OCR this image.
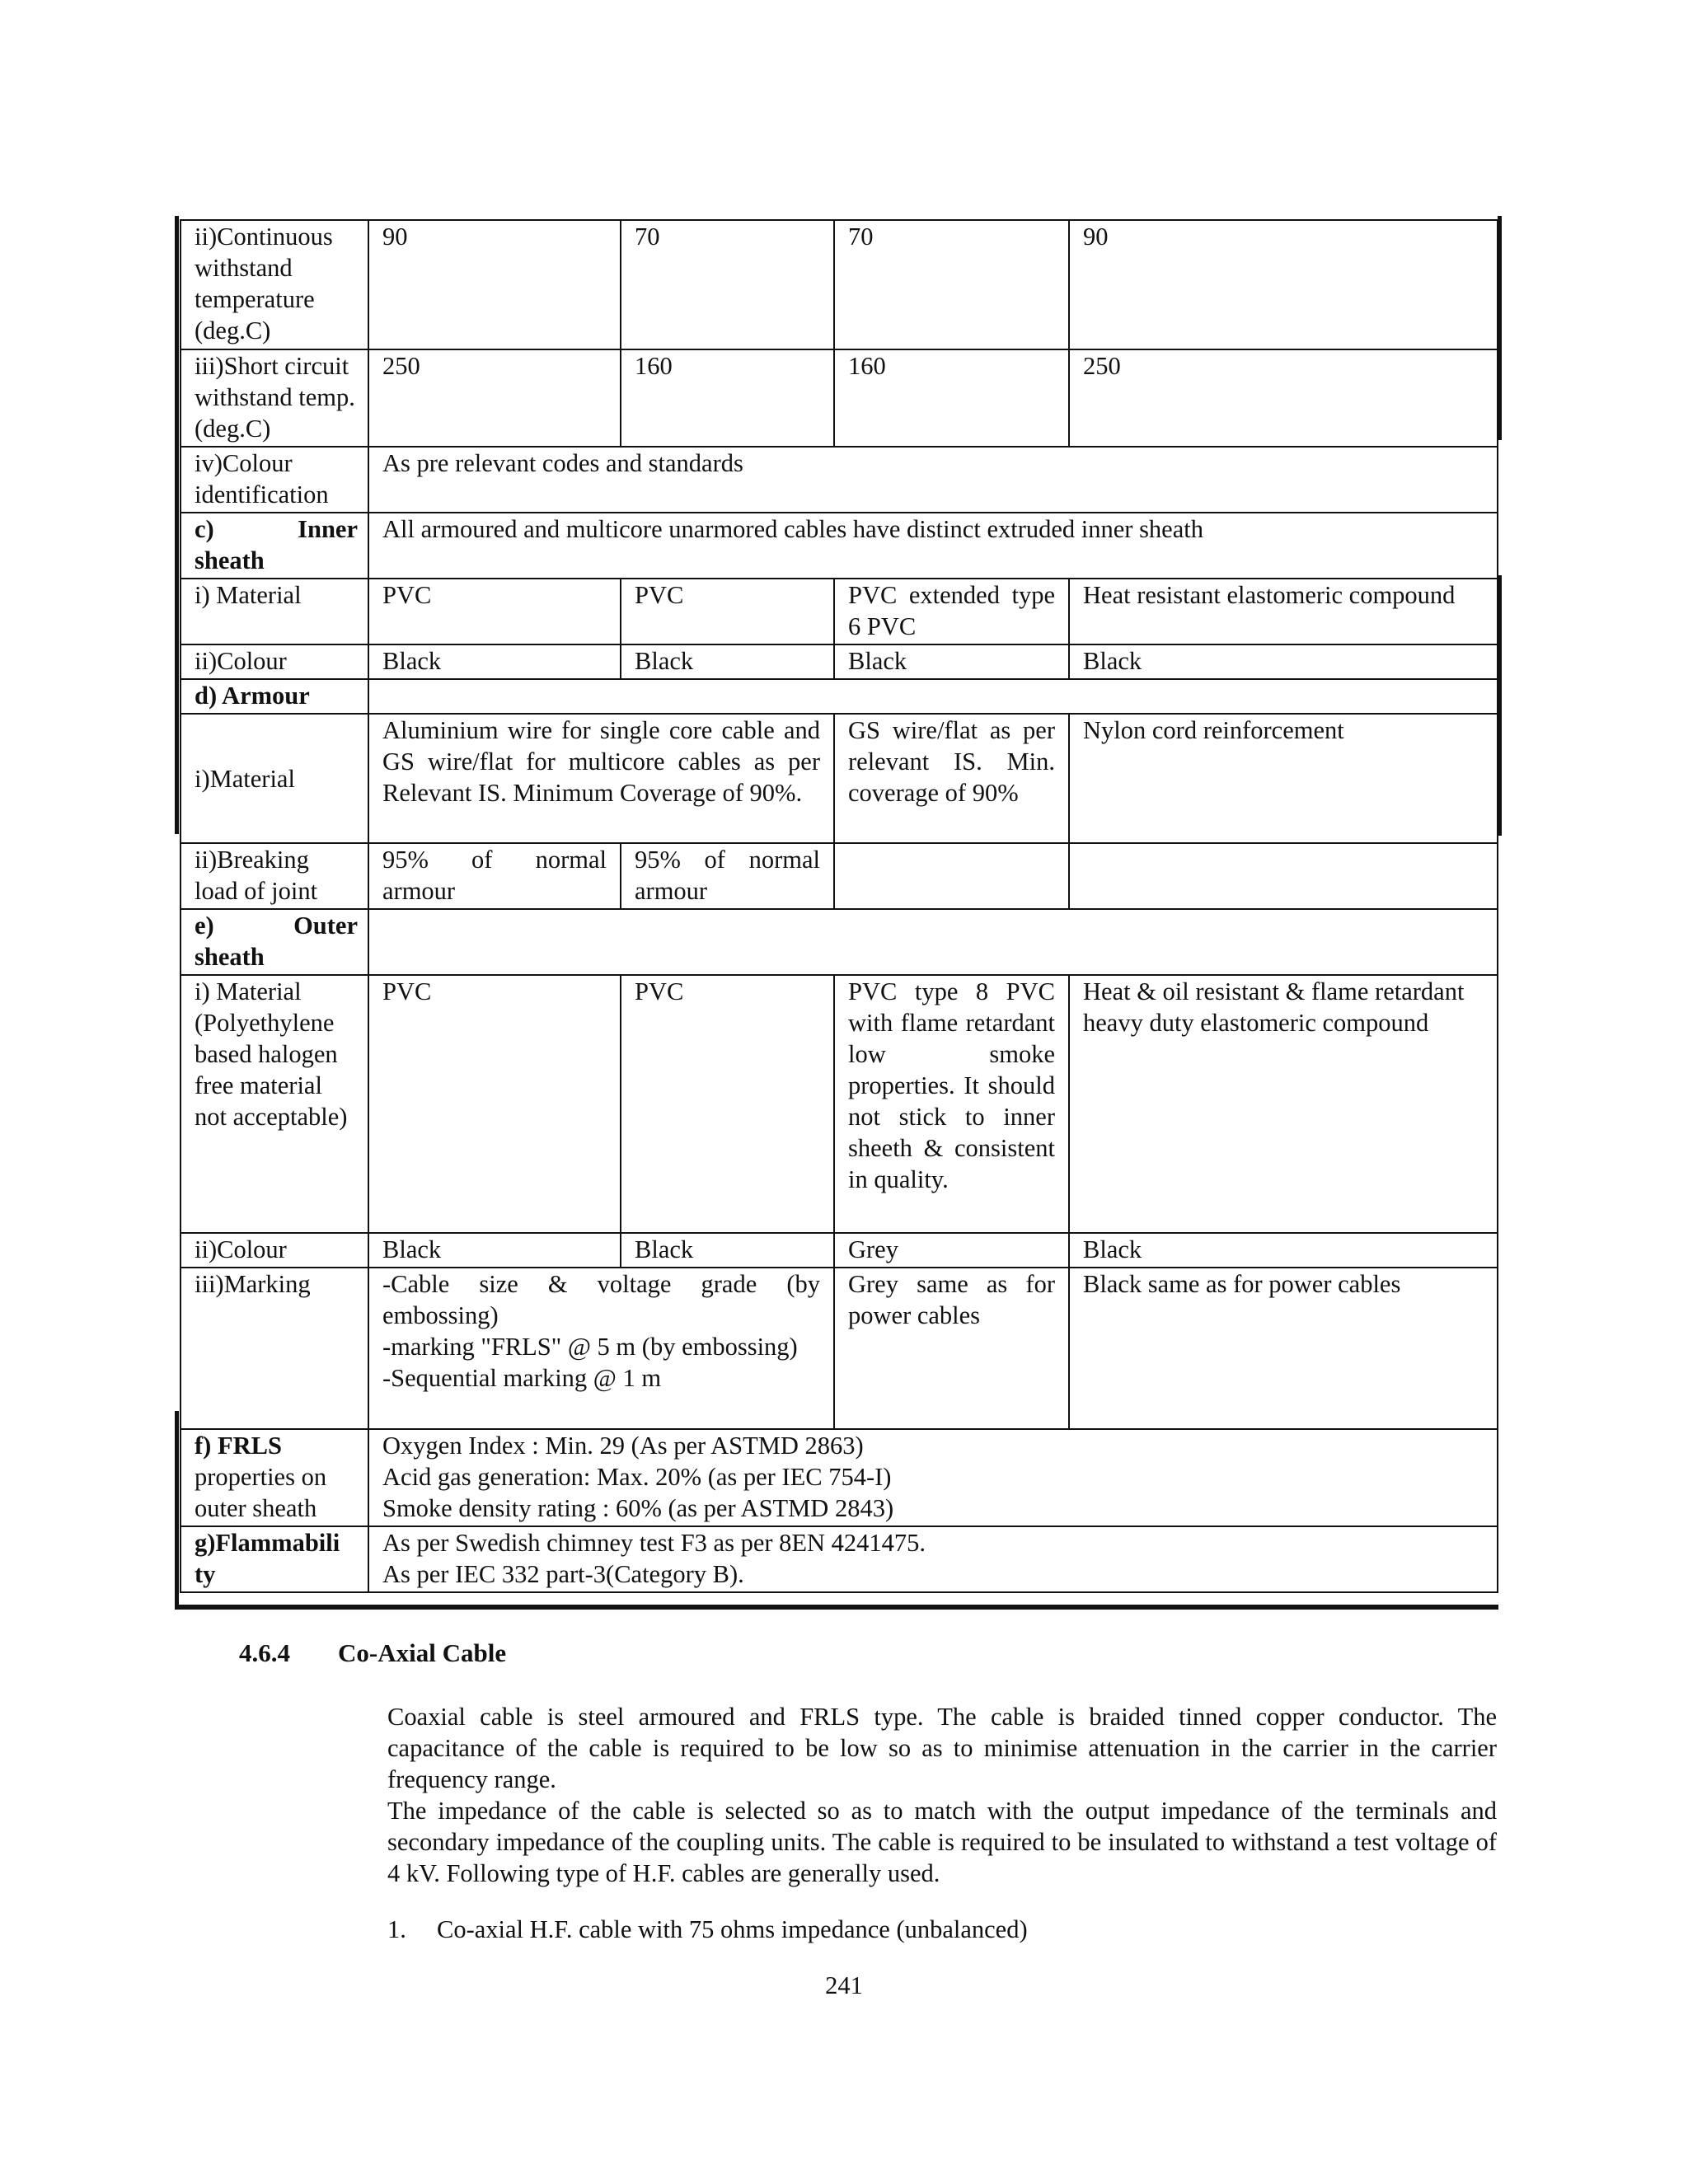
ii)Continuous withstand temperature (deg.C)	90	70	70	90
iii)Short circuit withstand temp. (deg.C)	250	160	160	250
iv)Colour identification	As pre relevant codes and standards			

c) Inner
sheath	All armoured and multicore unarmored cables have distinct extruded inner sheath			
i) Material	PVC	PVC	PVC extended type 6 PVC	Heat resistant elastomeric compound
ii)Colour	Black	Black	Black	Black
d) Armour				
i)Material	Aluminium wire for single core cable and GS wire/flat for multicore cables as per Relevant IS. Minimum Coverage of 90%.		GS wire/flat as per relevant IS. Min. coverage of 90%	Nylon cord reinforcement
ii)Breaking load of joint	95% of normal armour	95% of normal armour		

e) Outer
sheath				
i) Material (Polyethylene based halogen free material not acceptable)	PVC	PVC	PVC type 8 PVC with flame retardant low smoke properties. It should not stick to inner sheeth & consistent in quality.	Heat & oil resistant & flame retardant heavy duty elastomeric compound
ii)Colour	Black	Black	Grey	Black
iii)Marking	-Cable size & voltage grade (by embossing)
-marking "FRLS" @ 5 m (by embossing)
-Sequential marking @ 1 m		Grey same as for power cables	Black same as for power cables
f) FRLS properties on outer sheath	Oxygen Index : Min. 29 (As per ASTMD 2863)
Acid gas generation: Max. 20% (as per IEC 754-I)
Smoke density rating : 60% (as per ASTMD 2843)			

g)Flammabili ty	As per Swedish chimney test F3 as per 8EN 4241475.
As per IEC 332 part-3(Category B).			
4.6.4 Co-Axial Cable
Coaxial cable is steel armoured and FRLS type. The cable is braided tinned copper conductor. The capacitance of the cable is required to be low so as to minimise attenuation in the carrier in the carrier frequency range.
The impedance of the cable is selected so as to match with the output impedance of the terminals and secondary impedance of the coupling units. The cable is required to be insulated to withstand a test voltage of 4 kV. Following type of H.F. cables are generally used.
1. Co-axial H.F. cable with 75 ohms impedance (unbalanced)
241
